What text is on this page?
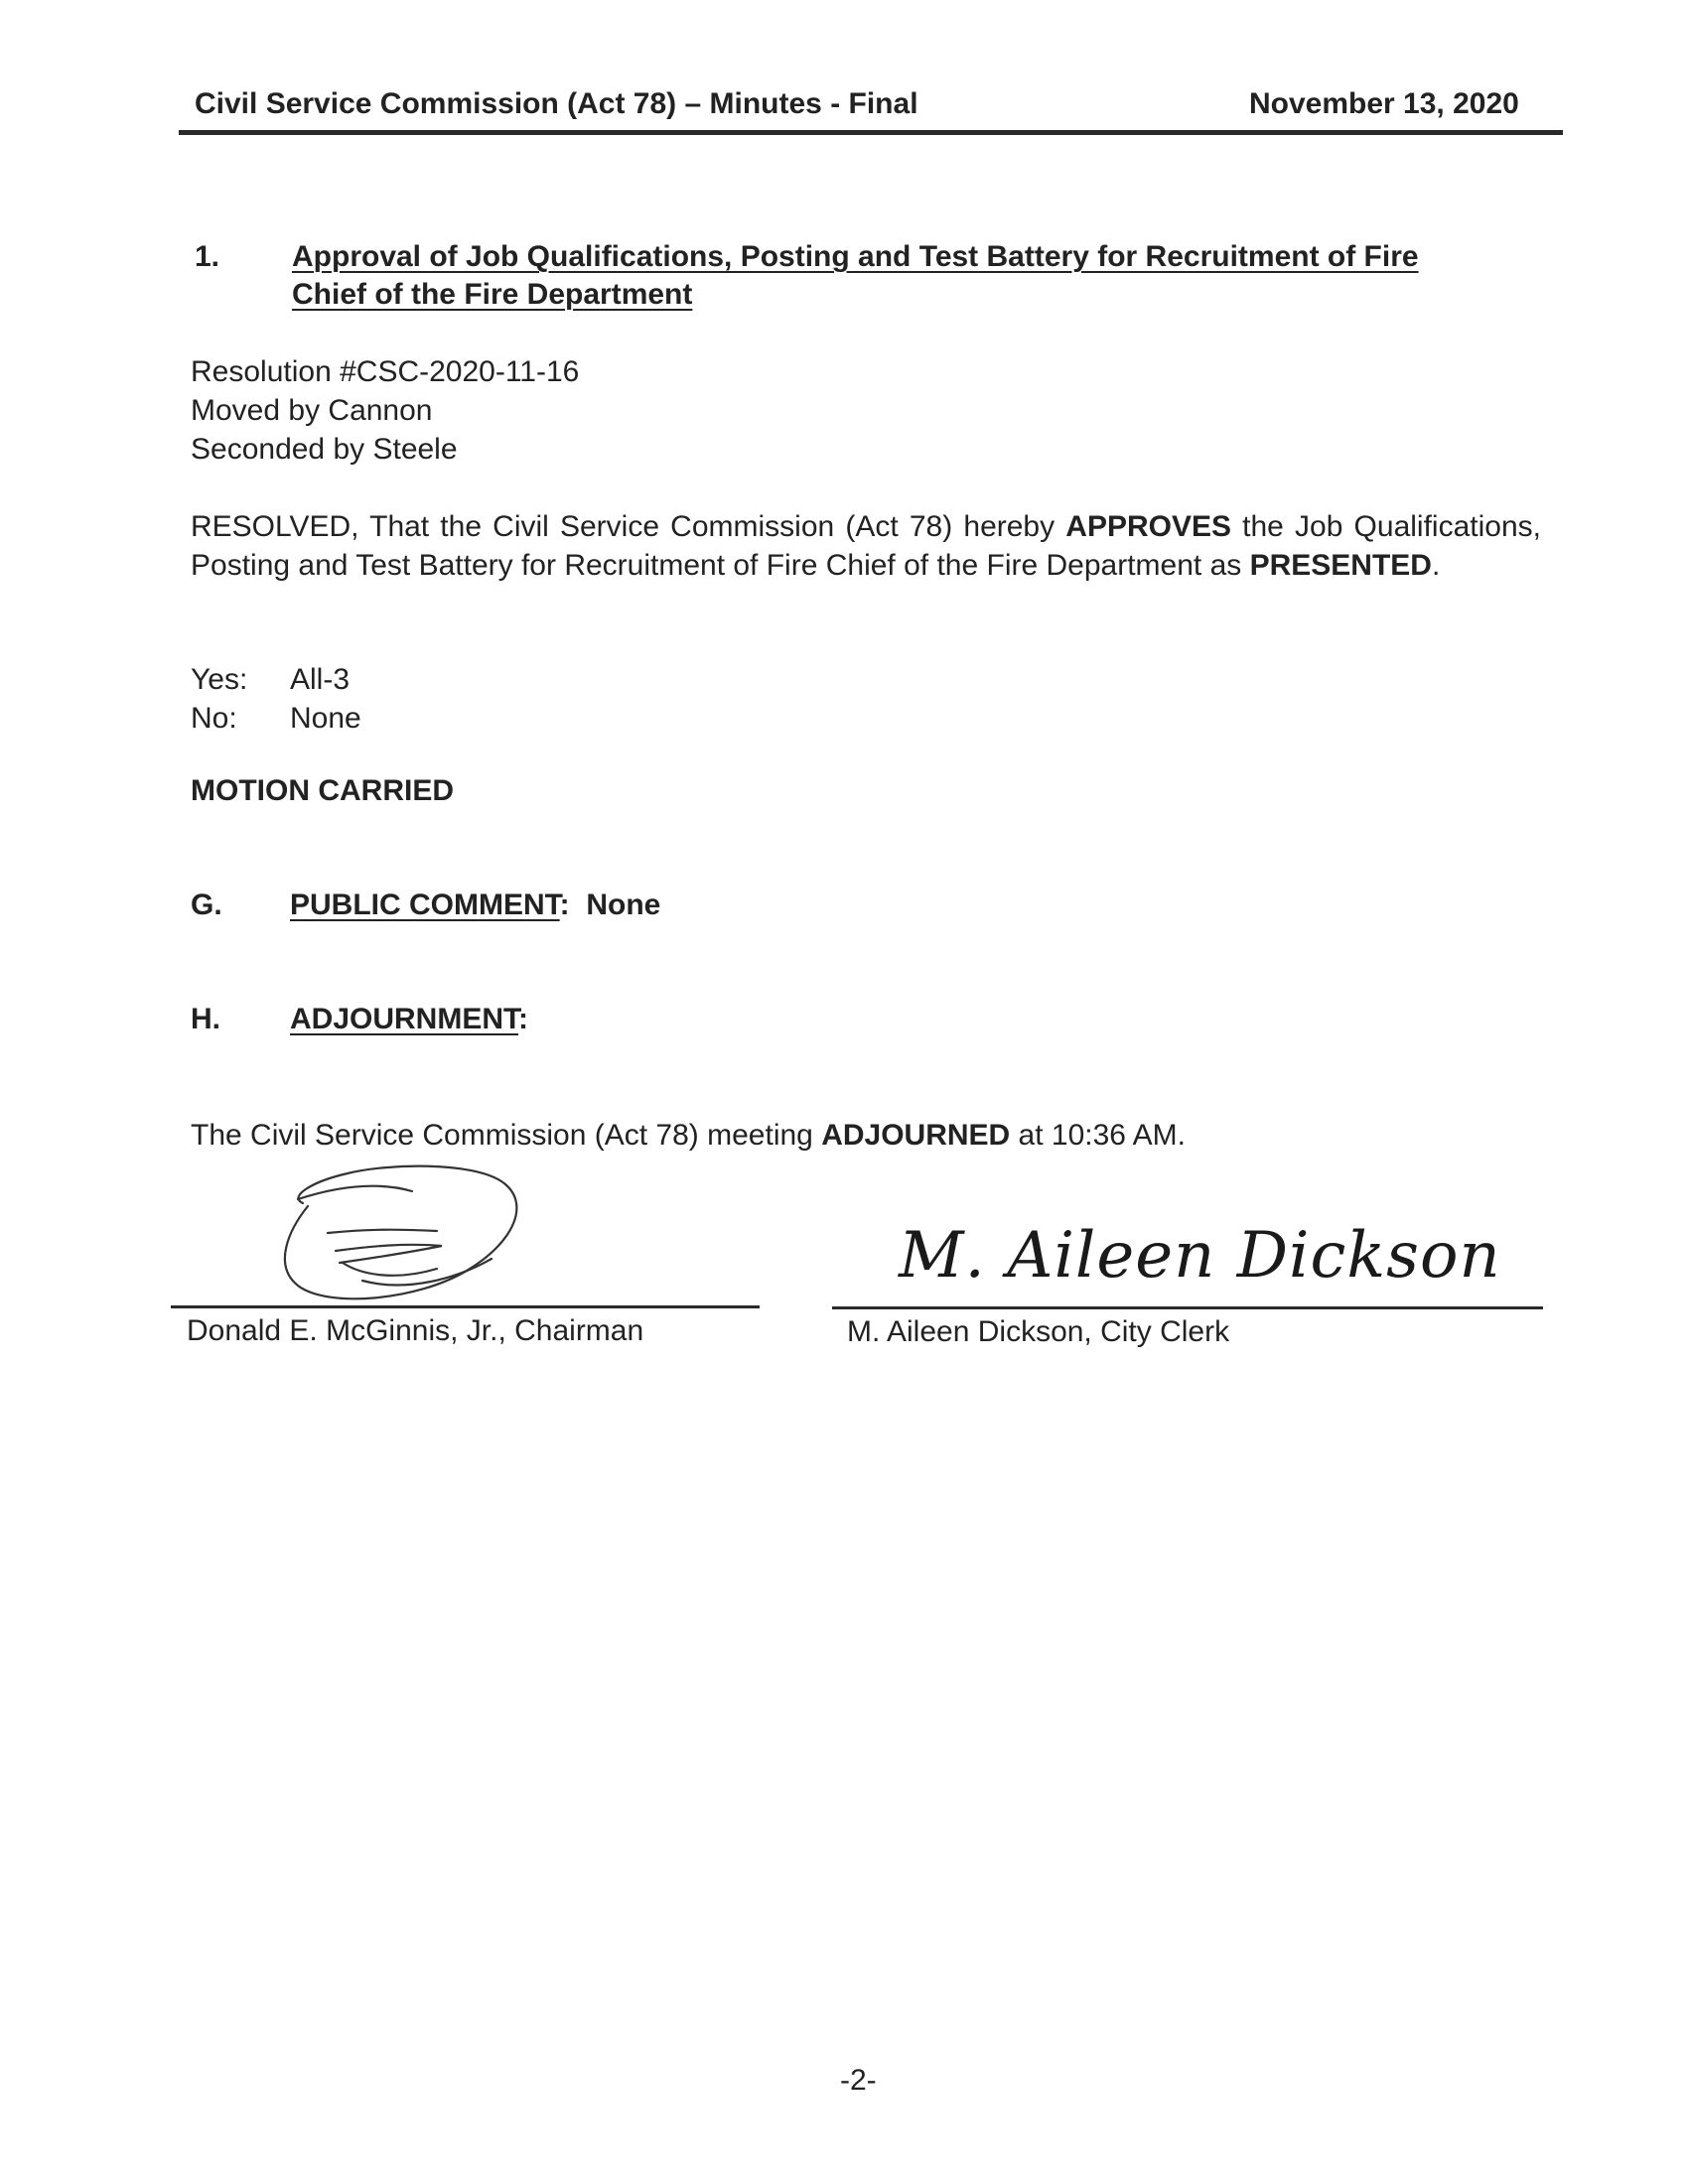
Civil Service Commission (Act 78) – Minutes - Final	November 13, 2020
1. Approval of Job Qualifications, Posting and Test Battery for Recruitment of Fire
Chief of the Fire Department
Resolution #CSC-2020-11-16
Moved by Cannon
Seconded by Steele
RESOLVED, That the Civil Service Commission (Act 78) hereby APPROVES the Job Qualifications, Posting and Test Battery for Recruitment of Fire Chief of the Fire Department as PRESENTED.
Yes: All-3
No: None
MOTION CARRIED
G. PUBLIC COMMENT: None
H. ADJOURNMENT:
The Civil Service Commission (Act 78) meeting ADJOURNED at 10:36 AM.
Donald E. McGinnis, Jr., Chairman
M. Aileen Dickson
M. Aileen Dickson, City Clerk
-2-
